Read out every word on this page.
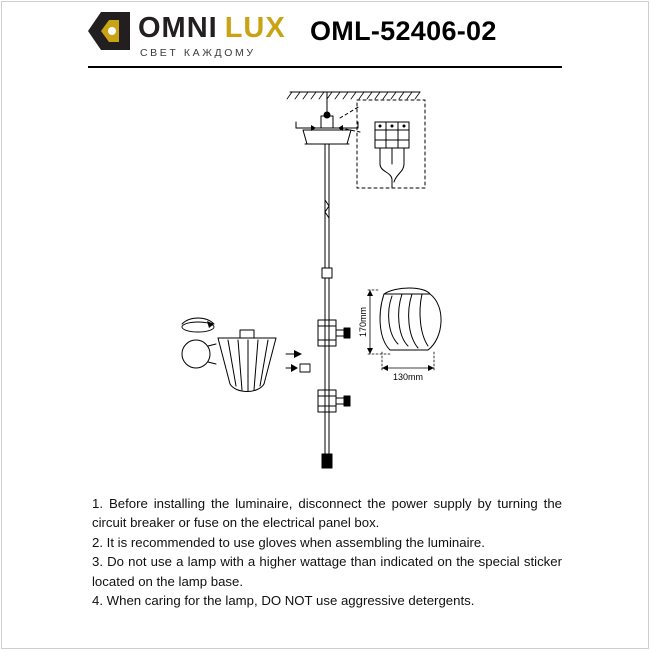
OMNI LUX
СВЕТ КАЖДОМУ
OML-52406-02
170mm
130mm

1. Before installing the luminaire, disconnect the power supply by turning the circuit breaker or fuse on the electrical panel box.

2. It is recommended to use gloves when assembling the luminaire.

3. Do not use a lamp with a higher wattage than indicated on the special sticker located on the lamp base.

4. When caring for the lamp, DO NOT use aggressive detergents.
